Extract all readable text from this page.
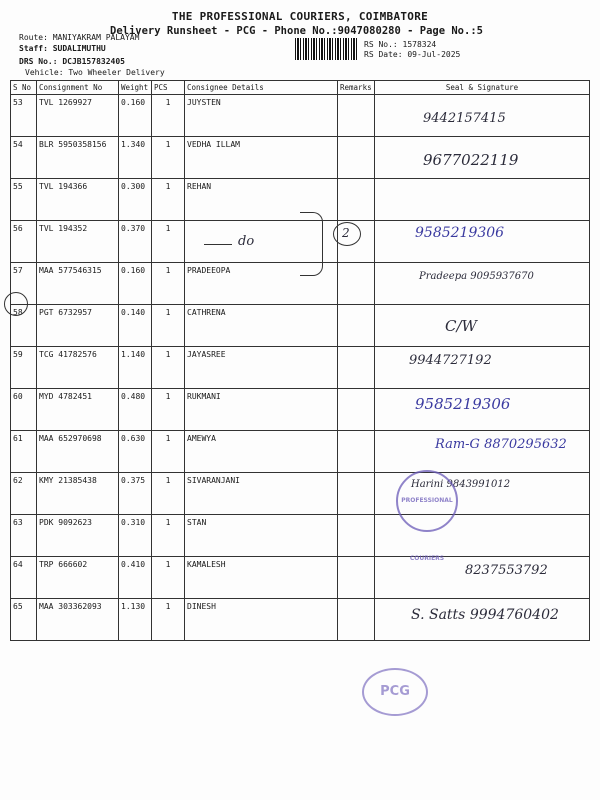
THE PROFESSIONAL COURIERS, COIMBATORE
Delivery Runsheet - PCG - Phone No.:9047080280 - Page No.:5
Route: MANIYAKRAM PALAYAM
Staff: SUDALIMUTHU
DRS No.: DCJB157832405
Vehicle: Two Wheeler Delivery
RS No.: 1578324
RS Date: 09-Jul-2025
S No	Consignment No	Weight	PCS	Consignee Details	Remarks	Seal & Signature
53	TVL 1269927	0.160	1	JUYSTEN		9442157415

54	BLR 5950358156	1.340	1	VEDHA ILLAM		9677022119

55	TVL 194366	0.300	1	REHAN		

56	TVL 194352	0.370	1			9585219306

57	MAA 577546315	0.160	1	PRADEEOPA		Pradeepa 9095937670

58	PGT 6732957	0.140	1	CATHRENA		C/W

59	TCG 41782576	1.140	1	JAYASREE		9944727192

60	MYD 4782451	0.480	1	RUKMANI		9585219306

61	MAA 652970698	0.630	1	AMEWYA		Ram-G 8870295632

62	KMY 21385438	0.375	1	SIVARANJANI		Harini 9843991012

63	PDK 9092623	0.310	1	STAN		

64	TRP 666602	0.410	1	KAMALESH		8237553792

65	MAA 303362093	1.130	1	DINESH		S. Satts 9994760402
do
2
PROFESSIONAL COURIERS
PCG
